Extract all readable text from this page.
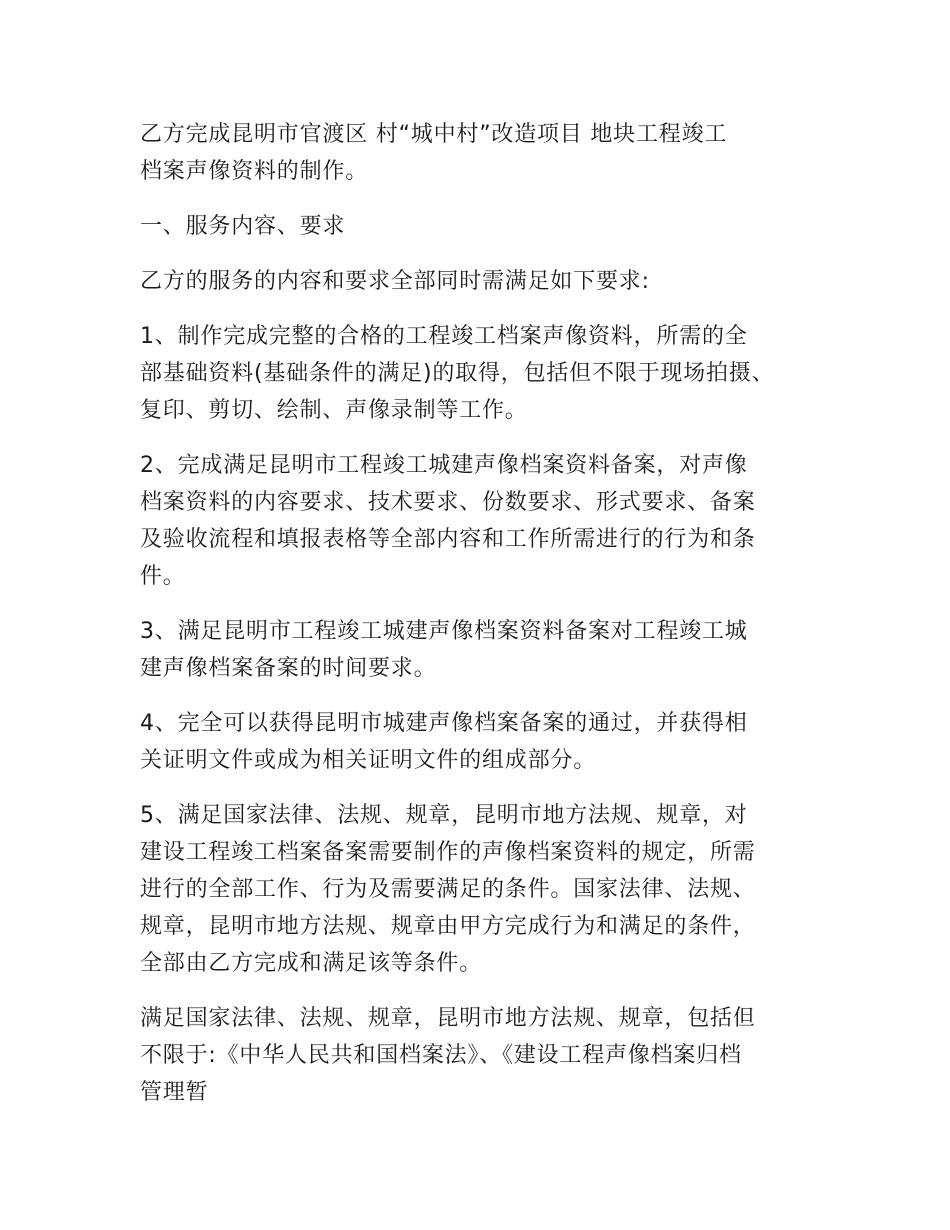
乙方完成昆明市官渡区 村“城中村”改造项目 地块工程竣工
档案声像资料的制作。

一、服务内容、要求

乙方的服务的内容和要求全部同时需满足如下要求:

1、制作完成完整的合格的工程竣工档案声像资料，所需的全
部基础资料(基础条件的满足)的取得，包括但不限于现场拍摄、
复印、剪切、绘制、声像录制等工作。

2、完成满足昆明市工程竣工城建声像档案资料备案，对声像
档案资料的内容要求、技术要求、份数要求、形式要求、备案
及验收流程和填报表格等全部内容和工作所需进行的行为和条
件。

3、满足昆明市工程竣工城建声像档案资料备案对工程竣工城
建声像档案备案的时间要求。

4、完全可以获得昆明市城建声像档案备案的通过，并获得相
关证明文件或成为相关证明文件的组成部分。

5、满足国家法律、法规、规章，昆明市地方法规、规章，对
建设工程竣工档案备案需要制作的声像档案资料的规定，所需
进行的全部工作、行为及需要满足的条件。国家法律、法规、
规章，昆明市地方法规、规章由甲方完成行为和满足的条件，
全部由乙方完成和满足该等条件。

满足国家法律、法规、规章，昆明市地方法规、规章，包括但
不限于:《中华人民共和国档案法》、《建设工程声像档案归档
管理暂
